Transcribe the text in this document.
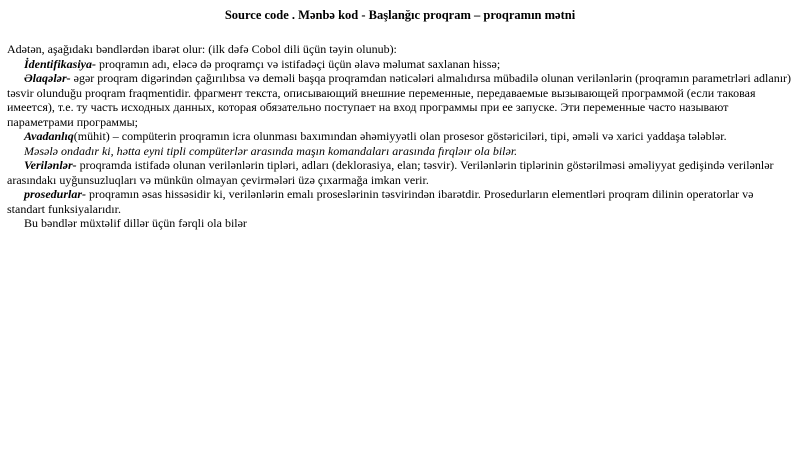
Source code . Mənbə kod - Başlanğıc proqram – proqramın mətni

Adətən, aşağıdakı bəndlərdən ibarət olur: (ilk dəfə Cobol dili üçün təyin olunub):

İdentifikasiya- proqramın adı, eləcə də proqramçı və istifadəçi üçün əlavə məlumat saxlanan hissə;

Əlaqələr- əgər proqram digərindən çağırılıbsa və deməli başqa proqramdan nəticələri almalıdırsa mübadilə olunan verilənlərin (proqramın parametrləri adlanır) təsvir olunduğu proqram fraqmentidir. фрагмент текста, описывающий внешние переменные, передаваемые вызывающей программой (если таковая имеется), т.е. ту часть исходных данных, которая обязательно поступает на вход программы при ее запуске. Эти переменные часто называют параметрами программы;

Avadanlıq(mühit) – compüterin proqramın icra olunması baxımından əhəmiyyətli olan prosesor göstəriciləri, tipi, əməli və xarici yaddaşa tələblər.

Məsələ ondadır ki, hətta eyni tipli compüterlər arasında maşın komandaları arasında fırqləır ola bilər.

Verilənlər- proqramda istifadə olunan verilənlərin tipləri, adları (deklorasiya, elan; təsvir). Verilənlərin tiplərinin göstərilməsi əməliyyat gedişində verilənlər arasındakı uyğunsuzluqları və münkün olmayan çevirmələri üzə çıxarmağa imkan verir.

prosedurlar- proqramın əsas hissəsidir ki, verilənlərin emalı proseslərinin təsvirindən ibarətdir. Prosedurların elementləri proqram dilinin operatorlar və standart funksiyalarıdır.

Bu bəndlər müxtəlif dillər üçün fərqli ola bilər
